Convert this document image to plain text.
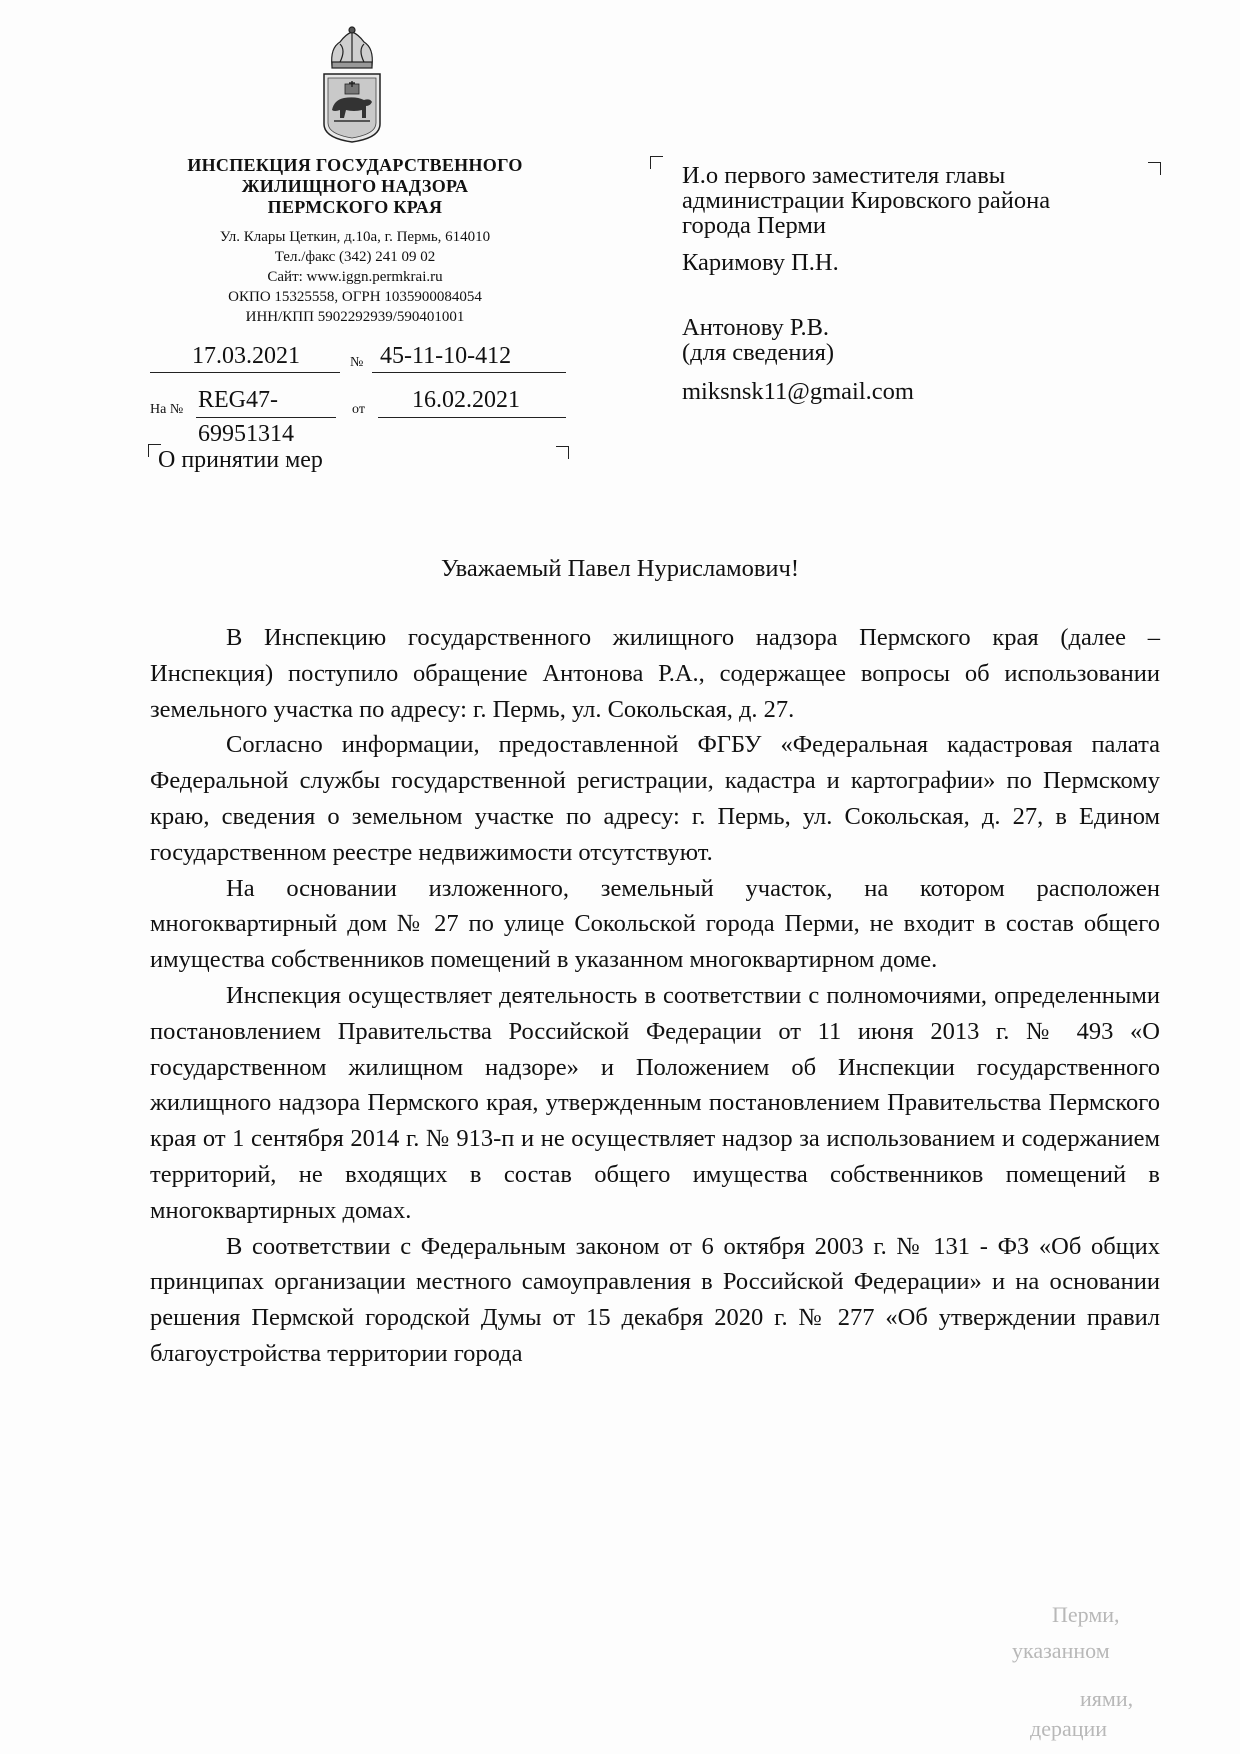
ИНСПЕКЦИЯ ГОСУДАРСТВЕННОГО
ЖИЛИЩНОГО НАДЗОРА
ПЕРМСКОГО КРАЯ
Ул. Клары Цеткин, д.10а, г. Пермь, 614010
Тел./факс (342) 241 09 02
Сайт: www.iggn.permkrai.ru
ОКПО 15325558, ОГРН 1035900084054
ИНН/КПП 5902292939/590401001
17.03.2021	№ 45-11-10-412
На № REG47-	от 16.02.2021
69951314
О принятии мер
И.о первого заместителя главы
администрации Кировского района
города Перми
Каримову П.Н.
Антонову Р.В.
(для сведения)
miksnsk11@gmail.com
Уважаемый Павел Нурисламович!

В Инспекцию государственного жилищного надзора Пермского края (далее – Инспекция) поступило обращение Антонова Р.А., содержащее вопросы об использовании земельного участка по адресу: г. Пермь, ул. Сокольская, д. 27.

Согласно информации, предоставленной ФГБУ «Федеральная кадастровая палата Федеральной службы государственной регистрации, кадастра и картографии» по Пермскому краю, сведения о земельном участке по адресу: г. Пермь, ул. Сокольская, д. 27, в Едином государственном реестре недвижимости отсутствуют.

На основании изложенного, земельный участок, на котором расположен многоквартирный дом № 27 по улице Сокольской города Перми, не входит в состав общего имущества собственников помещений в указанном многоквартирном доме.

Инспекция осуществляет деятельность в соответствии с полномочиями, определенными постановлением Правительства Российской Федерации от 11 июня 2013 г. № 493 «О государственном жилищном надзоре» и Положением об Инспекции государственного жилищного надзора Пермского края, утвержденным постановлением Правительства Пермского края от 1 сентября 2014 г. № 913-п и не осуществляет надзор за использованием и содержанием территорий, не входящих в состав общего имущества собственников помещений в многоквартирных домах.

В соответствии с Федеральным законом от 6 октября 2003 г. № 131 - ФЗ «Об общих принципах организации местного самоуправления в Российской Федерации» и на основании решения Пермской городской Думы от 15 декабря 2020 г. № 277 «Об утверждении правил благоустройства территории города

Перми,
указанном
иями,
дерации
